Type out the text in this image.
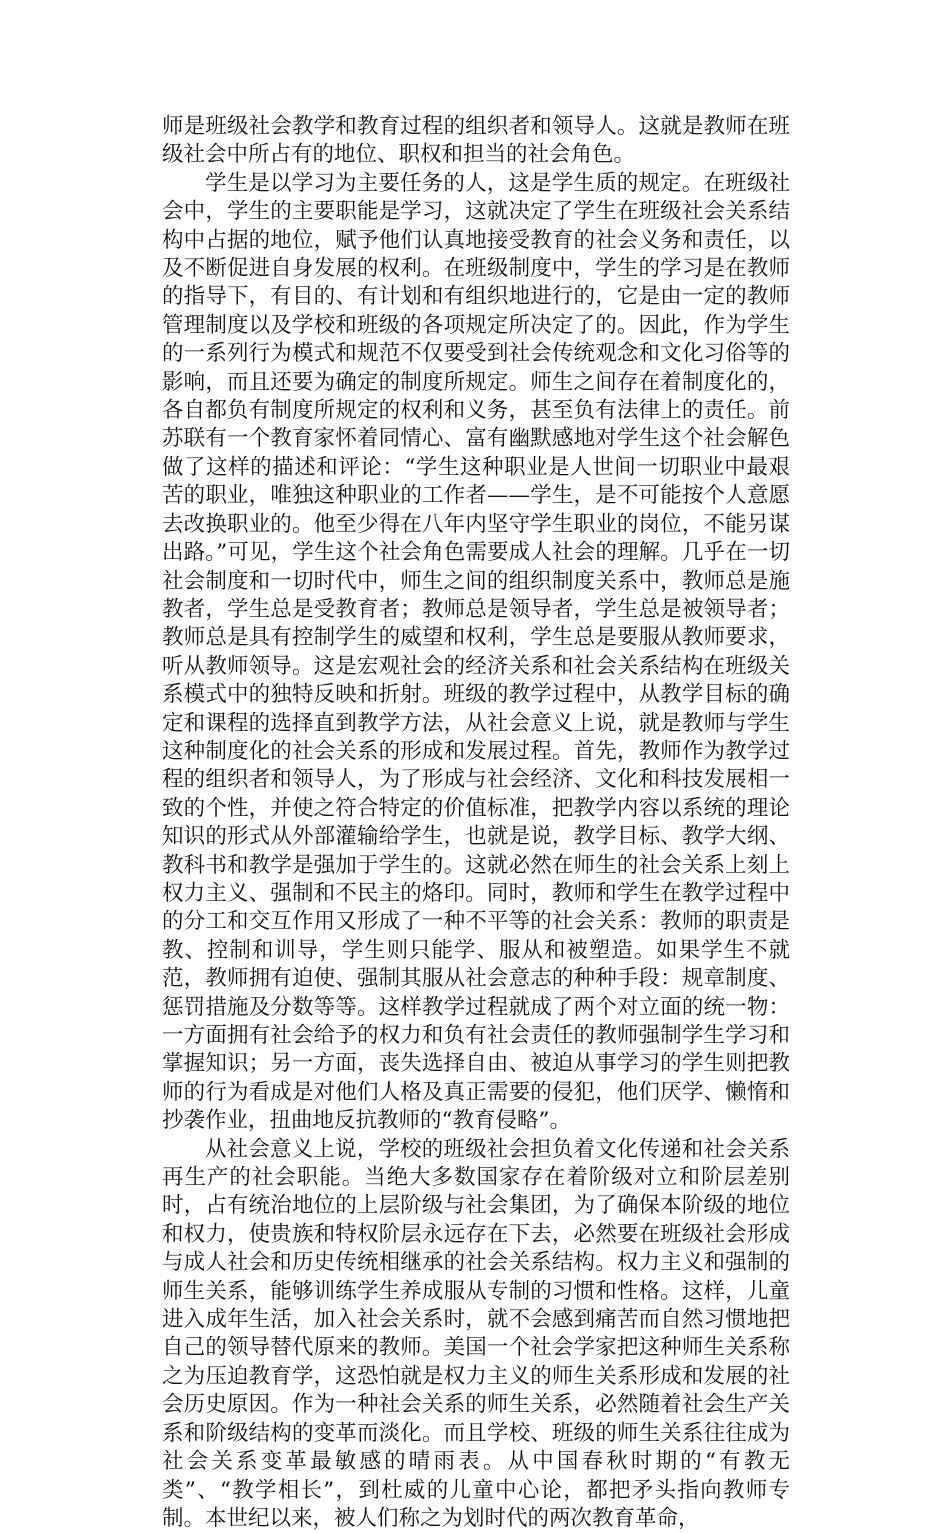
师是班级社会教学和教育过程的组织者和领导人。这就是教师在班级社会中所占有的地位、职权和担当的社会角色。

学生是以学习为主要任务的人，这是学生质的规定。在班级社会中，学生的主要职能是学习，这就决定了学生在班级社会关系结构中占据的地位，赋予他们认真地接受教育的社会义务和责任，以及不断促进自身发展的权利。在班级制度中，学生的学习是在教师的指导下，有目的、有计划和有组织地进行的，它是由一定的教师管理制度以及学校和班级的各项规定所决定了的。因此，作为学生的一系列行为模式和规范不仅要受到社会传统观念和文化习俗等的影响，而且还要为确定的制度所规定。师生之间存在着制度化的，各自都负有制度所规定的权利和义务，甚至负有法律上的责任。前苏联有一个教育家怀着同情心、富有幽默感地对学生这个社会解色做了这样的描述和评论：“学生这种职业是人世间一切职业中最艰苦的职业，唯独这种职业的工作者——学生，是不可能按个人意愿去改换职业的。他至少得在八年内坚守学生职业的岗位，不能另谋出路。”可见，学生这个社会角色需要成人社会的理解。几乎在一切社会制度和一切时代中，师生之间的组织制度关系中，教师总是施教者，学生总是受教育者；教师总是领导者，学生总是被领导者；教师总是具有控制学生的威望和权利，学生总是要服从教师要求，听从教师领导。这是宏观社会的经济关系和社会关系结构在班级关系模式中的独特反映和折射。班级的教学过程中，从教学目标的确定和课程的选择直到教学方法，从社会意义上说，就是教师与学生这种制度化的社会关系的形成和发展过程。首先，教师作为教学过程的组织者和领导人，为了形成与社会经济、文化和科技发展相一致的个性，并使之符合特定的价值标准，把教学内容以系统的理论知识的形式从外部灌输给学生，也就是说，教学目标、教学大纲、教科书和教学是强加于学生的。这就必然在师生的社会关系上刻上权力主义、强制和不民主的烙印。同时，教师和学生在教学过程中的分工和交互作用又形成了一种不平等的社会关系：教师的职责是教、控制和训导，学生则只能学、服从和被塑造。如果学生不就范，教师拥有迫使、强制其服从社会意志的种种手段：规章制度、惩罚措施及分数等等。这样教学过程就成了两个对立面的统一物：一方面拥有社会给予的权力和负有社会责任的教师强制学生学习和掌握知识；另一方面，丧失选择自由、被迫从事学习的学生则把教师的行为看成是对他们人格及真正需要的侵犯，他们厌学、懒惰和抄袭作业，扭曲地反抗教师的“教育侵略”。

从社会意义上说，学校的班级社会担负着文化传递和社会关系再生产的社会职能。当绝大多数国家存在着阶级对立和阶层差别时，占有统治地位的上层阶级与社会集团，为了确保本阶级的地位和权力，使贵族和特权阶层永远存在下去，必然要在班级社会形成与成人社会和历史传统相继承的社会关系结构。权力主义和强制的师生关系，能够训练学生养成服从专制的习惯和性格。这样，儿童进入成年生活，加入社会关系时，就不会感到痛苦而自然习惯地把自己的领导替代原来的教师。美国一个社会学家把这种师生关系称之为压迫教育学，这恐怕就是权力主义的师生关系形成和发展的社会历史原因。作为一种社会关系的师生关系，必然随着社会生产关系和阶级结构的变革而淡化。而且学校、班级的师生关系往往成为社会关系变革最敏感的晴雨表。从中国春秋时期的“有教无类”、“教学相长”，到杜威的儿童中心论，都把矛头指向教师专制。本世纪以来，被人们称之为划时代的两次教育革命，
